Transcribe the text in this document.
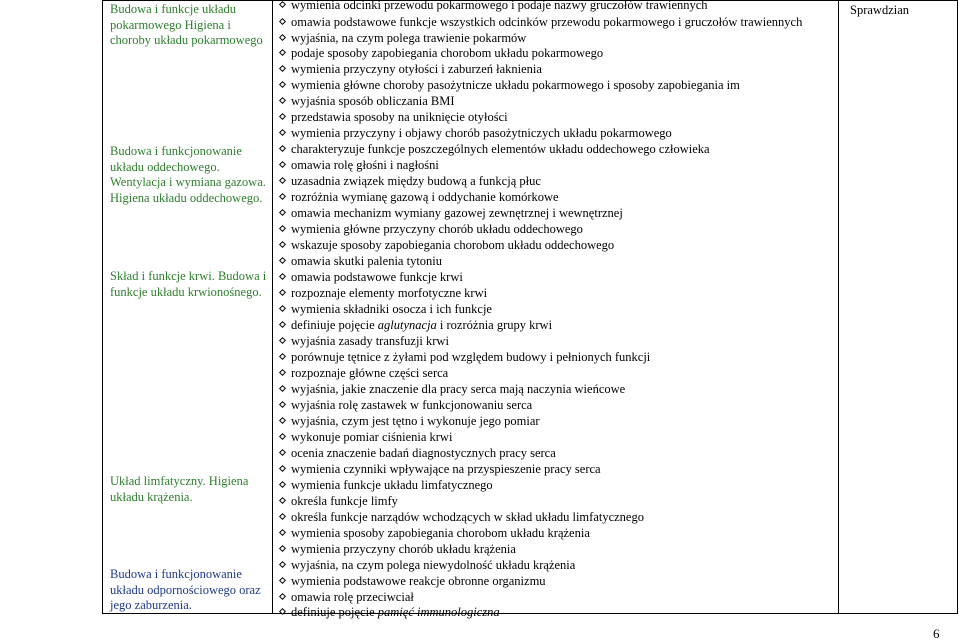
Budowa i funkcje układu pokarmowego Higiena i choroby układu pokarmowego
Budowa i funkcjonowanie układu oddechowego. Wentylacja i wymiana gazowa. Higiena układu oddechowego.
Skład i funkcje krwi. Budowa i funkcje układu krwionośnego.
Układ limfatyczny. Higiena układu krążenia.
Budowa i funkcjonowanie układu odpornościowego oraz jego zaburzenia.
wymienia odcinki przewodu pokarmowego i podaje nazwy gruczołów trawiennych
omawia podstawowe funkcje wszystkich odcinków przewodu pokarmowego i gruczołów trawiennych
wyjaśnia, na czym polega trawienie pokarmów
podaje sposoby zapobiegania chorobom układu pokarmowego
wymienia przyczyny otyłości i zaburzeń łaknienia
wymienia główne choroby pasożytnicze układu pokarmowego i sposoby zapobiegania im
wyjaśnia sposób obliczania BMI
przedstawia sposoby na uniknięcie otyłości
wymienia przyczyny i objawy chorób pasożytniczych układu pokarmowego
charakteryzuje funkcje poszczególnych elementów układu oddechowego człowieka
omawia rolę głośni i nagłośni
uzasadnia związek między budową a funkcją płuc
rozróżnia wymianę gazową i oddychanie komórkowe
omawia mechanizm wymiany gazowej zewnętrznej i wewnętrznej
wymienia główne przyczyny chorób układu oddechowego
wskazuje sposoby zapobiegania chorobom układu oddechowego
omawia skutki palenia tytoniu
omawia podstawowe funkcje krwi
rozpoznaje elementy morfotyczne krwi
wymienia składniki osocza i ich funkcje
definiuje pojęcie aglutynacja i rozróżnia grupy krwi
wyjaśnia zasady transfuzji krwi
porównuje tętnice z żyłami pod względem budowy i pełnionych funkcji
rozpoznaje główne części serca
wyjaśnia, jakie znaczenie dla pracy serca mają naczynia wieńcowe
wyjaśnia rolę zastawek w funkcjonowaniu serca
wyjaśnia, czym jest tętno i wykonuje jego pomiar
wykonuje pomiar ciśnienia krwi
ocenia znaczenie badań diagnostycznych pracy serca
wymienia czynniki wpływające na przyspieszenie pracy serca
wymienia funkcje układu limfatycznego
określa funkcje limfy
określa funkcje narządów wchodzących w skład układu limfatycznego
wymienia sposoby zapobiegania chorobom układu krążenia
wymienia przyczyny chorób układu krążenia
wyjaśnia, na czym polega niewydolność układu krążenia
wymienia podstawowe reakcje obronne organizmu
omawia rolę przeciwciał
definiuje pojęcie pamięć immunologiczna
Sprawdzian
6
